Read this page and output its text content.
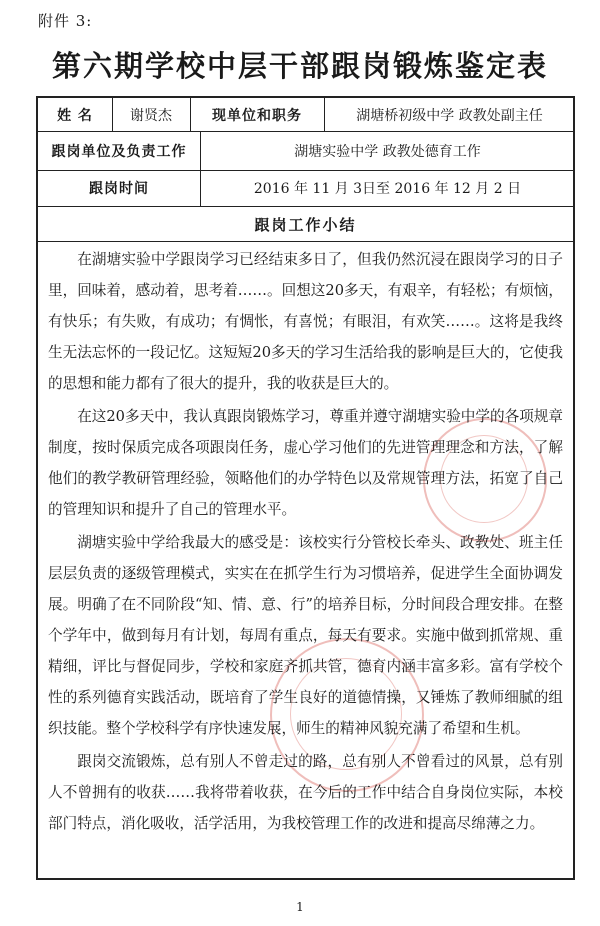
附件 3:
第六期学校中层干部跟岗锻炼鉴定表
姓 名	谢贤杰	现单位和职务	湖塘桥初级中学 政教处副主任
跟岗单位及负责工作	湖塘实验中学 政教处德育工作
跟岗时间	2016 年 11 月 3日至 2016 年 12 月 2 日
跟岗工作小结

在湖塘实验中学跟岗学习已经结束多日了，但我仍然沉浸在跟岗学习的日子里，回味着，感动着，思考着……。回想这20多天，有艰辛，有轻松；有烦恼，有快乐；有失败，有成功；有惆怅，有喜悦；有眼泪，有欢笑……。这将是我终生无法忘怀的一段记忆。这短短20多天的学习生活给我的影响是巨大的，它使我的思想和能力都有了很大的提升，我的收获是巨大的。

在这20多天中，我认真跟岗锻炼学习，尊重并遵守湖塘实验中学的各项规章制度，按时保质完成各项跟岗任务，虚心学习他们的先进管理理念和方法，了解他们的教学教研管理经验，领略他们的办学特色以及常规管理方法，拓宽了自己的管理知识和提升了自己的管理水平。

湖塘实验中学给我最大的感受是：该校实行分管校长牵头、政教处、班主任层层负责的逐级管理模式，实实在在抓学生行为习惯培养，促进学生全面协调发展。明确了在不同阶段“知、情、意、行”的培养目标，分时间段合理安排。在整个学年中，做到每月有计划，每周有重点，每天有要求。实施中做到抓常规、重精细，评比与督促同步，学校和家庭齐抓共管，德育内涵丰富多彩。富有学校个性的系列德育实践活动，既培育了学生良好的道德情操，又锤炼了教师细腻的组织技能。整个学校科学有序快速发展，师生的精神风貌充满了希望和生机。

跟岗交流锻炼，总有别人不曾走过的路，总有别人不曾看过的风景，总有别人不曾拥有的收获……我将带着收获，在今后的工作中结合自身岗位实际，本校部门特点，消化吸收，活学活用，为我校管理工作的改进和提高尽绵薄之力。

1
